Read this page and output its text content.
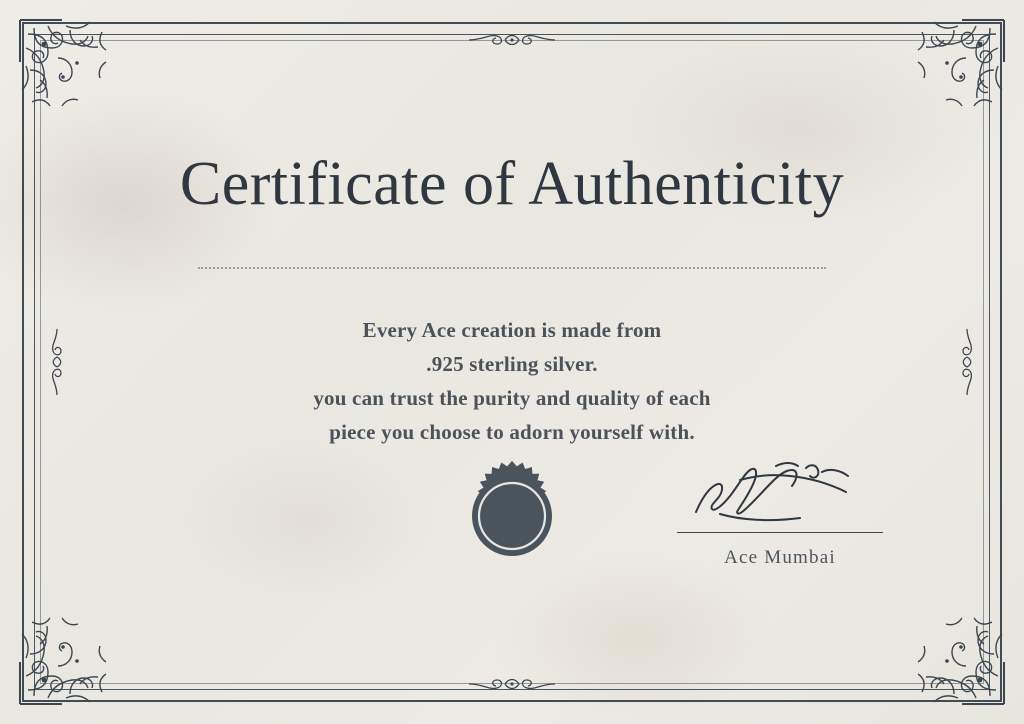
Certificate of Authenticity
Every Ace creation is made from
.925 sterling silver.
you can trust the purity and quality of each
piece you choose to adorn yourself with.
Ace Mumbai
